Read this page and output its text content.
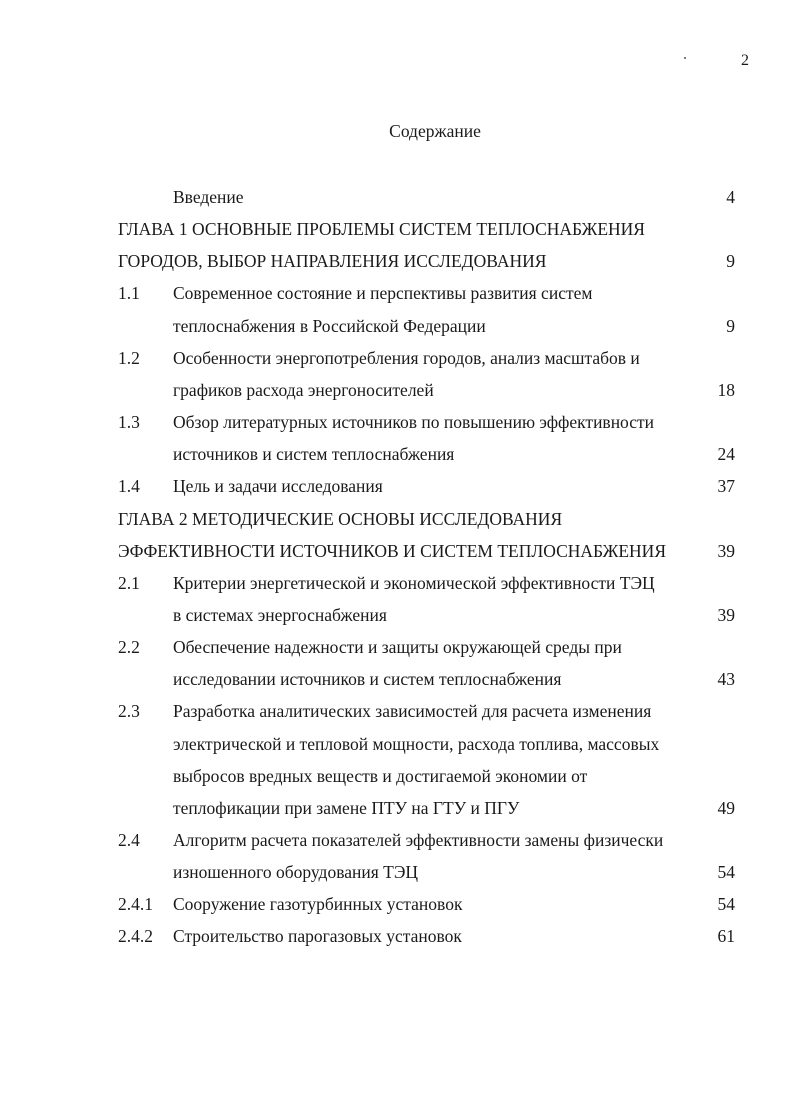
2
Содержание
Введение	4
ГЛАВА 1 ОСНОВНЫЕ ПРОБЛЕМЫ СИСТЕМ ТЕПЛОСНАБЖЕНИЯ
ГОРОДОВ, ВЫБОР НАПРАВЛЕНИЯ ИССЛЕДОВАНИЯ	9
1.1 Современное состояние и перспективы развития систем
теплоснабжения в Российской Федерации	9
1.2 Особенности энергопотребления городов, анализ масштабов и
графиков расхода энергоносителей	18
1.3 Обзор литературных источников по повышению эффективности
источников и систем теплоснабжения	24
1.4 Цель и задачи исследования	37
ГЛАВА 2 МЕТОДИЧЕСКИЕ ОСНОВЫ ИССЛЕДОВАНИЯ
ЭФФЕКТИВНОСТИ ИСТОЧНИКОВ И СИСТЕМ ТЕПЛОСНАБЖЕНИЯ	39
2.1 Критерии энергетической и экономической эффективности ТЭЦ
в системах энергоснабжения	39
2.2 Обеспечение надежности и защиты окружающей среды при
исследовании источников и систем теплоснабжения	43
2.3 Разработка аналитических зависимостей для расчета изменения
электрической и тепловой мощности, расхода топлива, массовых
выбросов вредных веществ и достигаемой экономии от
теплофикации при замене ПТУ на ГТУ и ПГУ	49
2.4 Алгоритм расчета показателей эффективности замены физически
изношенного оборудования ТЭЦ	54
2.4.1 Сооружение газотурбинных установок	54
2.4.2 Строительство парогазовых установок	61
